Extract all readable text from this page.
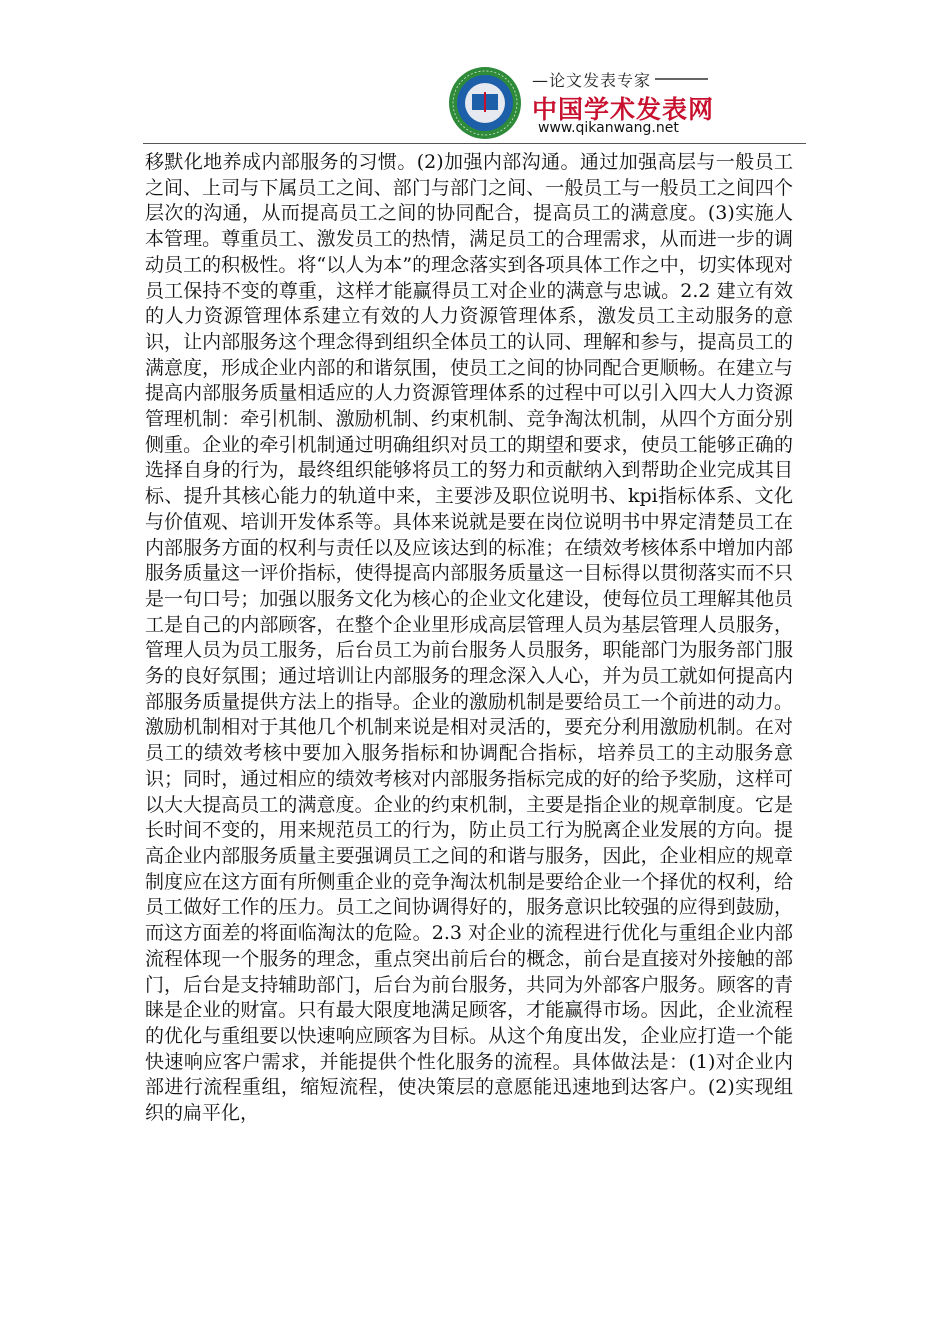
—论文发表专家
中国学术发表网
www.qikanwang.net

移默化地养成内部服务的习惯。(2)加强内部沟通。通过加强高层与一般员工之间、上司与下属员工之间、部门与部门之间、一般员工与一般员工之间四个层次的沟通，从而提高员工之间的协同配合，提高员工的满意度。(3)实施人本管理。尊重员工、激发员工的热情，满足员工的合理需求，从而进一步的调动员工的积极性。将“以人为本”的理念落实到各项具体工作之中，切实体现对员工保持不变的尊重，这样才能赢得员工对企业的满意与忠诚。2.2 建立有效的人力资源管理体系建立有效的人力资源管理体系，激发员工主动服务的意识，让内部服务这个理念得到组织全体员工的认同、理解和参与，提高员工的满意度，形成企业内部的和谐氛围，使员工之间的协同配合更顺畅。在建立与提高内部服务质量相适应的人力资源管理体系的过程中可以引入四大人力资源管理机制：牵引机制、激励机制、约束机制、竞争淘汰机制，从四个方面分别侧重。企业的牵引机制通过明确组织对员工的期望和要求，使员工能够正确的选择自身的行为，最终组织能够将员工的努力和贡献纳入到帮助企业完成其目标、提升其核心能力的轨道中来，主要涉及职位说明书、kpi指标体系、文化与价值观、培训开发体系等。具体来说就是要在岗位说明书中界定清楚员工在内部服务方面的权利与责任以及应该达到的标准；在绩效考核体系中增加内部服务质量这一评价指标，使得提高内部服务质量这一目标得以贯彻落实而不只是一句口号；加强以服务文化为核心的企业文化建设，使每位员工理解其他员工是自己的内部顾客，在整个企业里形成高层管理人员为基层管理人员服务，管理人员为员工服务，后台员工为前台服务人员服务，职能部门为服务部门服务的良好氛围；通过培训让内部服务的理念深入人心，并为员工就如何提高内部服务质量提供方法上的指导。企业的激励机制是要给员工一个前进的动力。激励机制相对于其他几个机制来说是相对灵活的，要充分利用激励机制。在对员工的绩效考核中要加入服务指标和协调配合指标，培养员工的主动服务意识；同时，通过相应的绩效考核对内部服务指标完成的好的给予奖励，这样可以大大提高员工的满意度。企业的约束机制，主要是指企业的规章制度。它是长时间不变的，用来规范员工的行为，防止员工行为脱离企业发展的方向。提高企业内部服务质量主要强调员工之间的和谐与服务，因此，企业相应的规章制度应在这方面有所侧重企业的竞争淘汰机制是要给企业一个择优的权利，给员工做好工作的压力。员工之间协调得好的，服务意识比较强的应得到鼓励，而这方面差的将面临淘汰的危险。2.3 对企业的流程进行优化与重组企业内部流程体现一个服务的理念，重点突出前后台的概念，前台是直接对外接触的部门，后台是支持辅助部门，后台为前台服务，共同为外部客户服务。顾客的青睐是企业的财富。只有最大限度地满足顾客，才能赢得市场。因此，企业流程的优化与重组要以快速响应顾客为目标。从这个角度出发，企业应打造一个能快速响应客户需求，并能提供个性化服务的流程。具体做法是：(1)对企业内部进行流程重组，缩短流程，使决策层的意愿能迅速地到达客户。(2)实现组织的扁平化，
